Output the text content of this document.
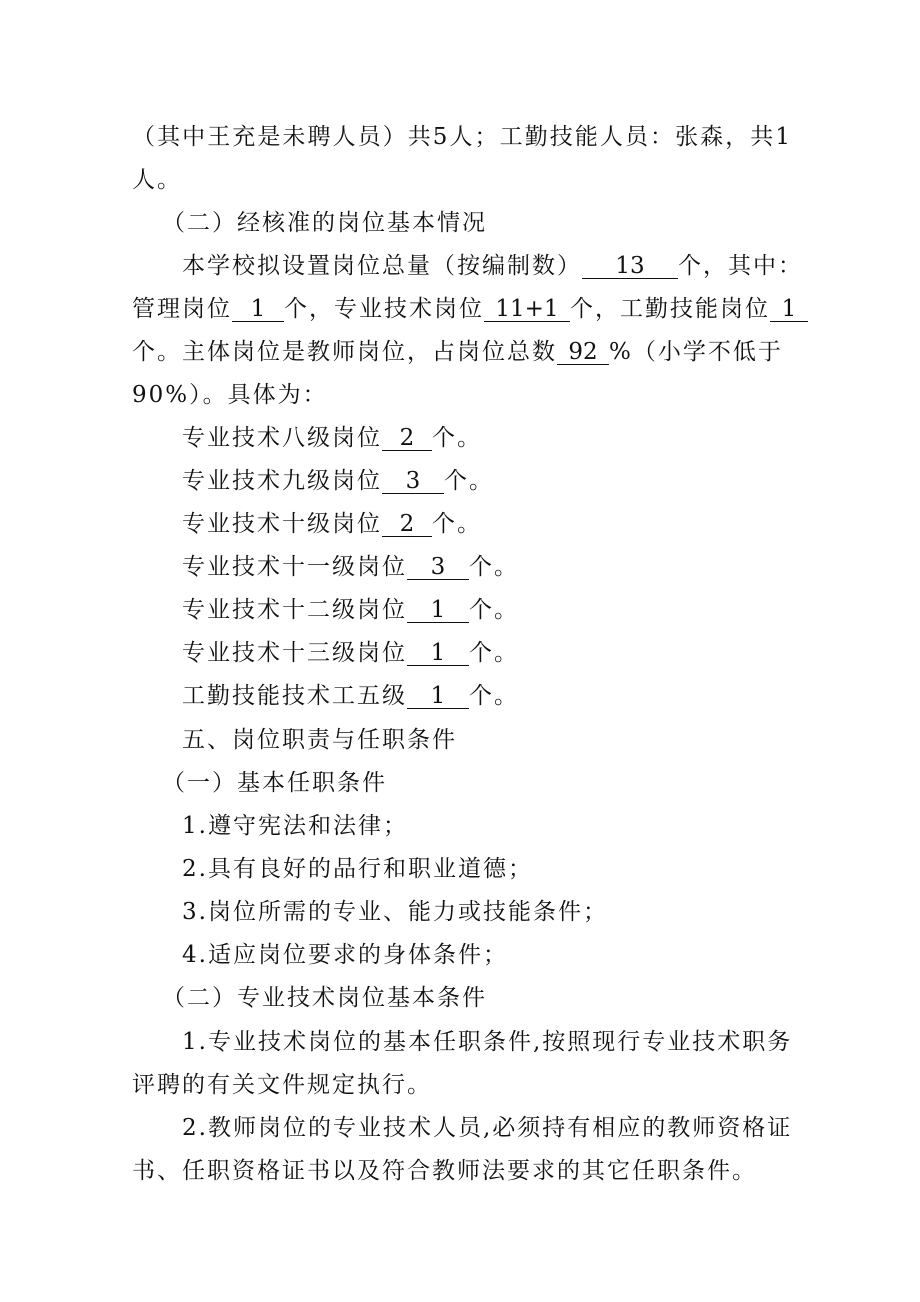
（其中王充是未聘人员）共5人；工勤技能人员：张森，共1
人。
（二）经核准的岗位基本情况
本学校拟设置岗位总量（按编制数） 13 个，其中：
管理岗位 1 个，专业技术岗位 11+1 个，工勤技能岗位 1
个。主体岗位是教师岗位，占岗位总数 92 %（小学不低于
90%）。具体为：
专业技术八级岗位 2 个。
专业技术九级岗位 3 个。
专业技术十级岗位 2 个。
专业技术十一级岗位 3 个。
专业技术十二级岗位 1 个。
专业技术十三级岗位 1 个。
工勤技能技术工五级 1 个。
五、岗位职责与任职条件
（一）基本任职条件
1.遵守宪法和法律；
2.具有良好的品行和职业道德；
3.岗位所需的专业、能力或技能条件；
4.适应岗位要求的身体条件；
（二）专业技术岗位基本条件
1.专业技术岗位的基本任职条件,按照现行专业技术职务
评聘的有关文件规定执行。
2.教师岗位的专业技术人员,必须持有相应的教师资格证
书、任职资格证书以及符合教师法要求的其它任职条件。
